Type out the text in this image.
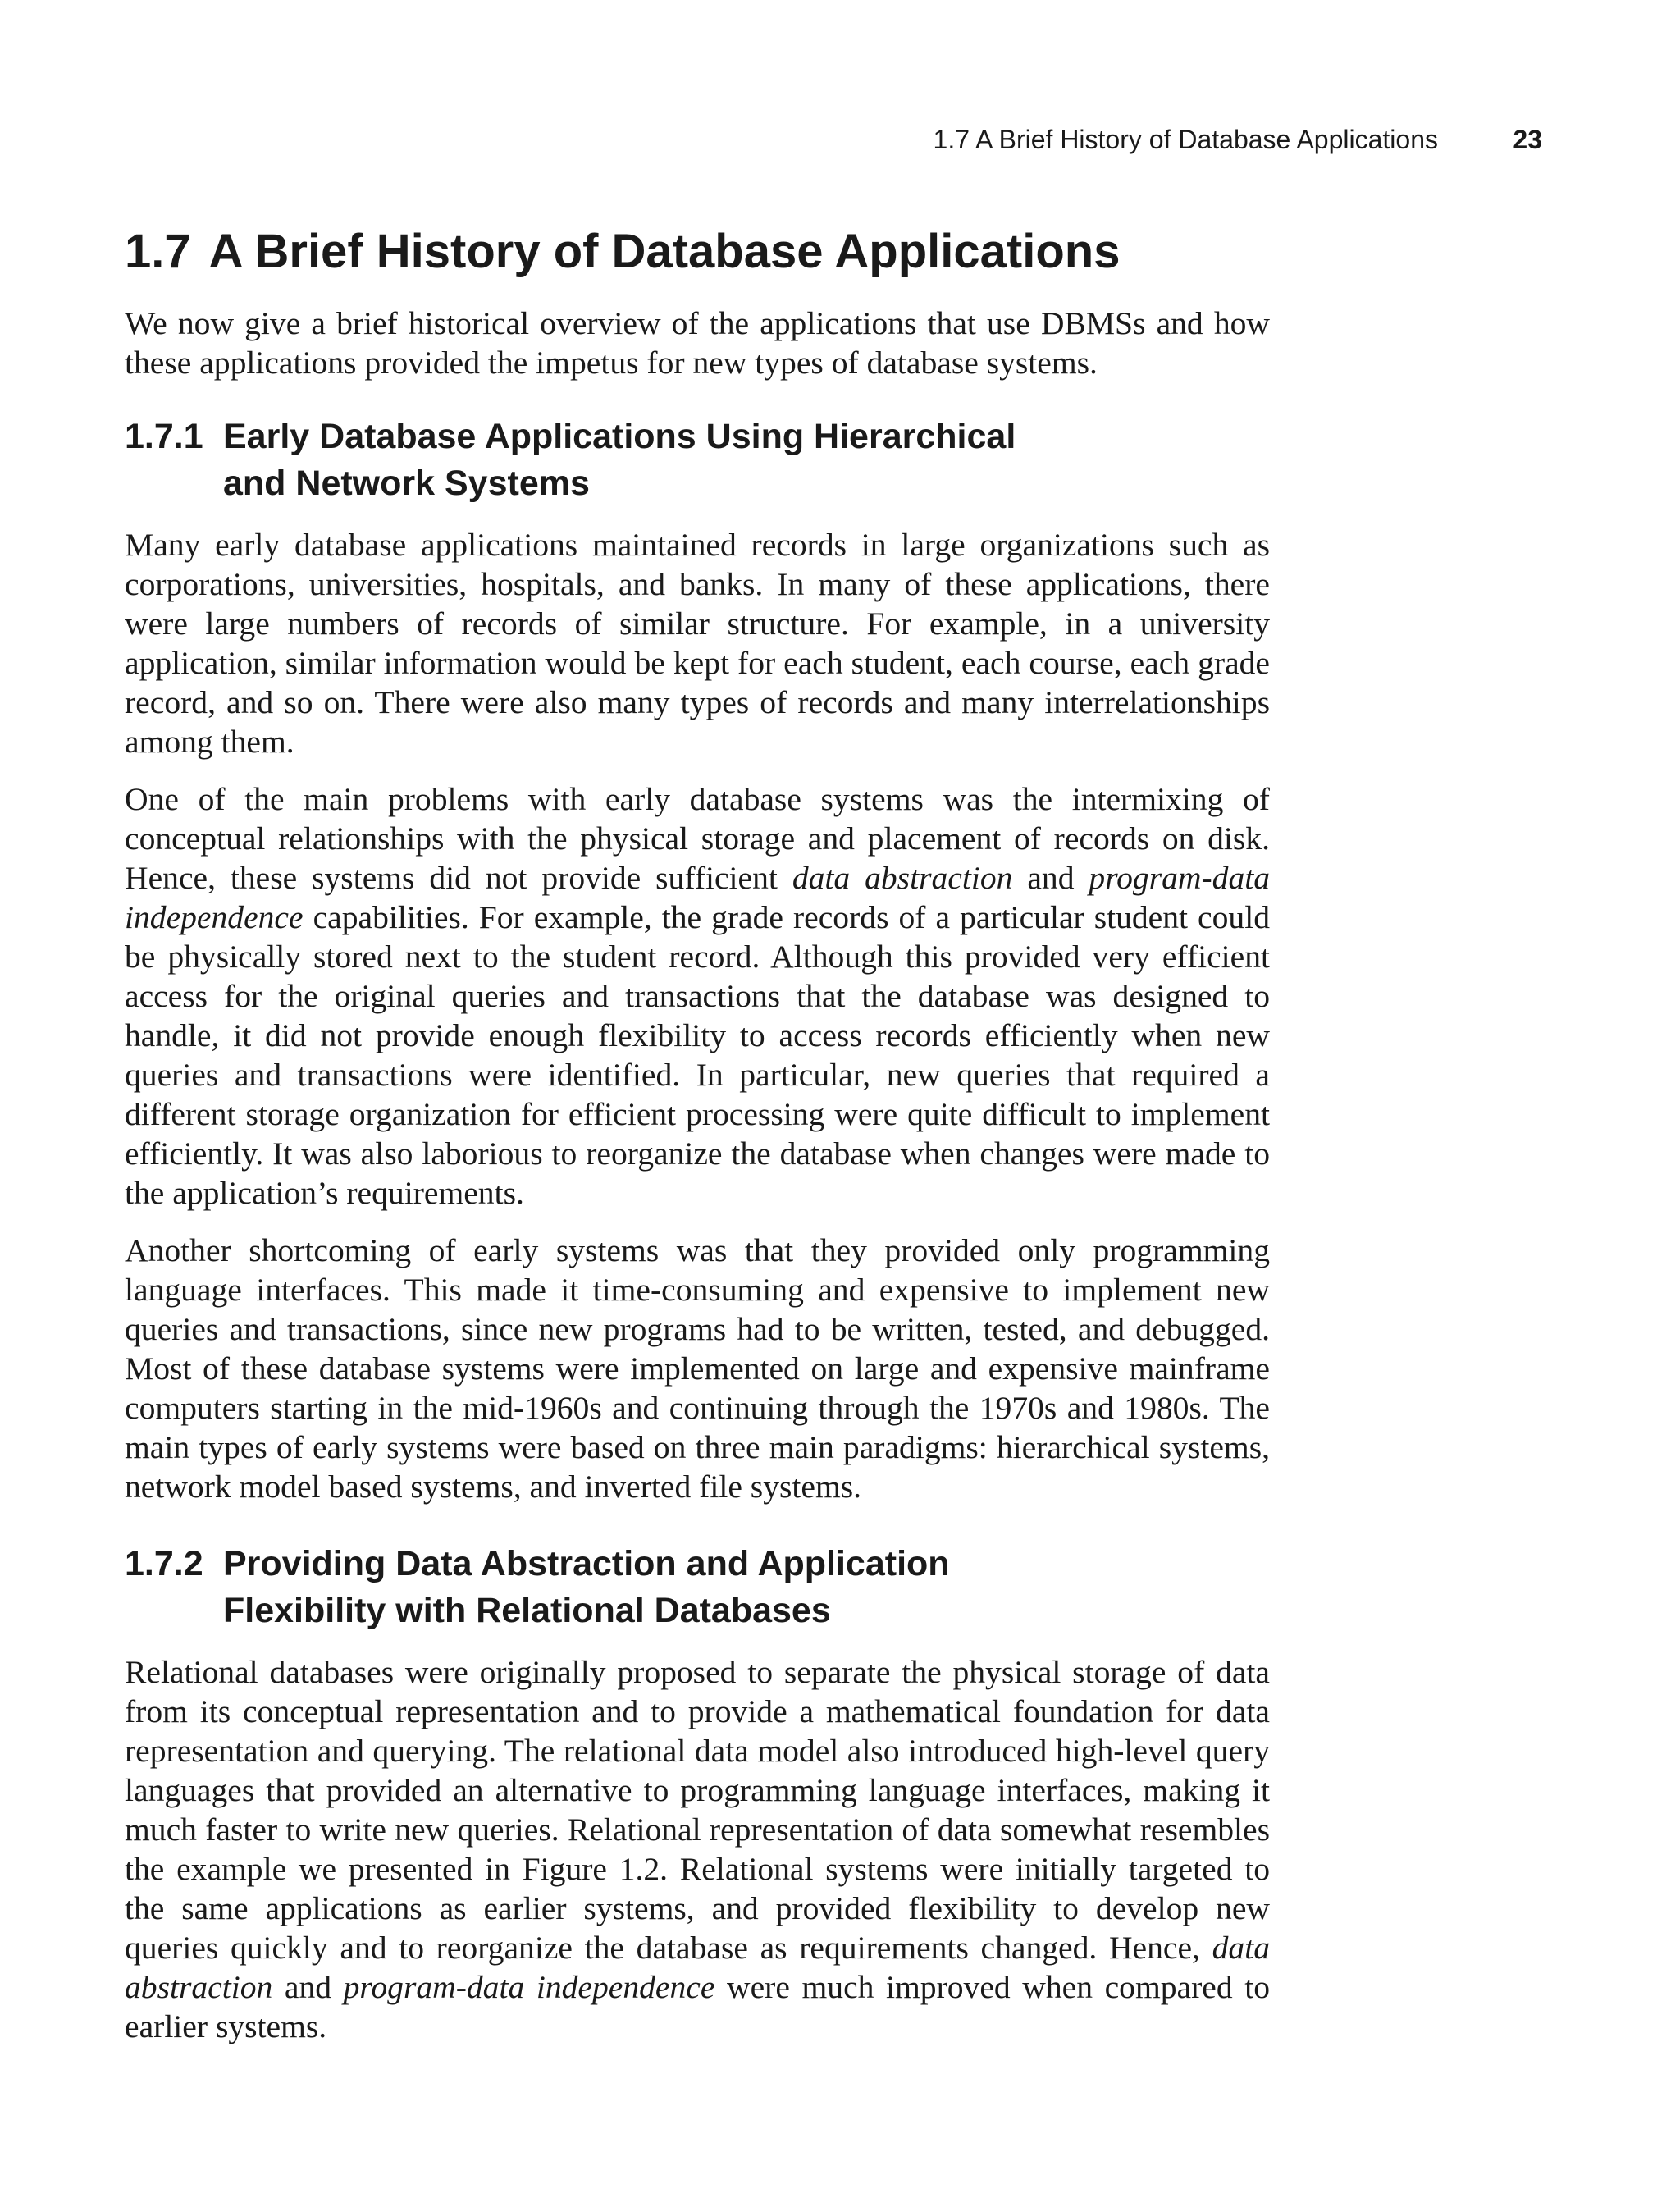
1.7 A Brief History of Database Applications	23
1.7 A Brief History of Database Applications

We now give a brief historical overview of the applications that use DBMSs and how these applications provided the impetus for new types of database systems.

1.7.1 Early Database Applications Using Hierarchical and Network Systems

Many early database applications maintained records in large organizations such as corporations, universities, hospitals, and banks. In many of these applications, there were large numbers of records of similar structure. For example, in a university application, similar information would be kept for each student, each course, each grade record, and so on. There were also many types of records and many interrelationships among them.

One of the main problems with early database systems was the intermixing of conceptual relationships with the physical storage and placement of records on disk. Hence, these systems did not provide sufficient data abstraction and program-data independence capabilities. For example, the grade records of a particular student could be physically stored next to the student record. Although this provided very efficient access for the original queries and transactions that the database was designed to handle, it did not provide enough flexibility to access records efficiently when new queries and transactions were identified. In particular, new queries that required a different storage organization for efficient processing were quite difficult to implement efficiently. It was also laborious to reorganize the database when changes were made to the application’s requirements.

Another shortcoming of early systems was that they provided only programming language interfaces. This made it time-consuming and expensive to implement new queries and transactions, since new programs had to be written, tested, and debugged. Most of these database systems were implemented on large and expensive mainframe computers starting in the mid-1960s and continuing through the 1970s and 1980s. The main types of early systems were based on three main paradigms: hierarchical systems, network model based systems, and inverted file systems.

1.7.2 Providing Data Abstraction and Application Flexibility with Relational Databases

Relational databases were originally proposed to separate the physical storage of data from its conceptual representation and to provide a mathematical foundation for data representation and querying. The relational data model also introduced high-level query languages that provided an alternative to programming language interfaces, making it much faster to write new queries. Relational representation of data somewhat resembles the example we presented in Figure 1.2. Relational systems were initially targeted to the same applications as earlier systems, and provided flexibility to develop new queries quickly and to reorganize the database as requirements changed. Hence, data abstraction and program-data independence were much improved when compared to earlier systems.
